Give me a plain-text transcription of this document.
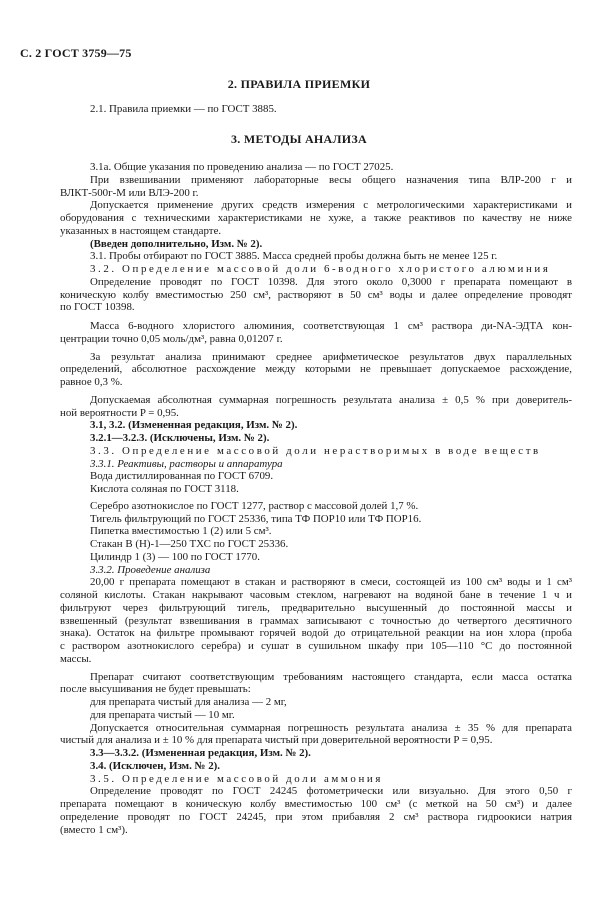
С. 2 ГОСТ 3759—75
2. ПРАВИЛА ПРИЕМКИ
2.1. Правила приемки — по ГОСТ 3885.
3. МЕТОДЫ АНАЛИЗА
3.1a. Общие указания по проведению анализа — по ГОСТ 27025.
При взвешивании применяют лабораторные весы общего назначения типа ВЛР-200 г и
ВЛКТ-500г-М или ВЛЭ-200 г.
Допускается применение других средств измерения с метрологическими характеристиками и
оборудования с техническими характеристиками не хуже, а также реактивов по качеству не ниже
указанных в настоящем стандарте.
(Введен дополнительно, Изм. № 2).
3.1. Пробы отбирают по ГОСТ 3885. Масса средней пробы должна быть не менее 125 г.
3.2. Определение массовой доли 6-водного хлористого алюминия
Определение проводят по ГОСТ 10398. Для этого около 0,3000 г препарата помещают в
коническую колбу вместимостью 250 см³, растворяют в 50 см³ воды и далее определение проводят
по ГОСТ 10398.
Масса 6-водного хлористого алюминия, соответствующая 1 см³ раствора ди-NA-ЭДТА кон-
центрации точно 0,05 моль/дм³, равна 0,01207 г.
За результат анализа принимают среднее арифметическое результатов двух параллельных
определений, абсолютное расхождение между которыми не превышает допускаемое расхождение,
равное 0,3 %.
Допускаемая абсолютная суммарная погрешность результата анализа ± 0,5 % при доверитель-
ной вероятности P = 0,95.
3.1, 3.2. (Измененная редакция, Изм. № 2).
3.2.1—3.2.3. (Исключены, Изм. № 2).
3.3. Определение массовой доли нерастворимых в воде веществ
3.3.1. Реактивы, растворы и аппаратура
Вода дистиллированная по ГОСТ 6709.
Кислота соляная по ГОСТ 3118.
Серебро азотнокислое по ГОСТ 1277, раствор с массовой долей 1,7 %.
Тигель фильтрующий по ГОСТ 25336, типа ТФ ПОР10 или ТФ ПОР16.
Пипетка вместимостью 1 (2) или 5 см³.
Стакан В (Н)-1—250 ТХС по ГОСТ 25336.
Цилиндр 1 (3) — 100 по ГОСТ 1770.
3.3.2. Проведение анализа
20,00 г препарата помещают в стакан и растворяют в смеси, состоящей из 100 см³ воды и 1 см³
соляной кислоты. Стакан накрывают часовым стеклом, нагревают на водяной бане в течение 1 ч и
фильтруют через фильтрующий тигель, предварительно высушенный до постоянной массы и
взвешенный (результат взвешивания в граммах записывают с точностью до четвертого десятичного
знака). Остаток на фильтре промывают горячей водой до отрицательной реакции на ион хлора (проба
с раствором азотнокислого серебра) и сушат в сушильном шкафу при 105—110 °С до постоянной
массы.
Препарат считают соответствующим требованиям настоящего стандарта, если масса остатка
после высушивания не будет превышать:
для препарата чистый для анализа — 2 мг,
для препарата чистый — 10 мг.
Допускается относительная суммарная погрешность результата анализа ± 35 % для препарата
чистый для анализа и ± 10 % для препарата чистый при доверительной вероятности P = 0,95.
3.3—3.3.2. (Измененная редакция, Изм. № 2).
3.4. (Исключен, Изм. № 2).
3.5. Определение массовой доли аммония
Определение проводят по ГОСТ 24245 фотометрически или визуально. Для этого 0,50 г
препарата помещают в коническую колбу вместимостью 100 см³ (с меткой на 50 см³) и далее
определение проводят по ГОСТ 24245, при этом прибавляя 2 см³ раствора гидроокиси натрия
(вместо 1 см³).
